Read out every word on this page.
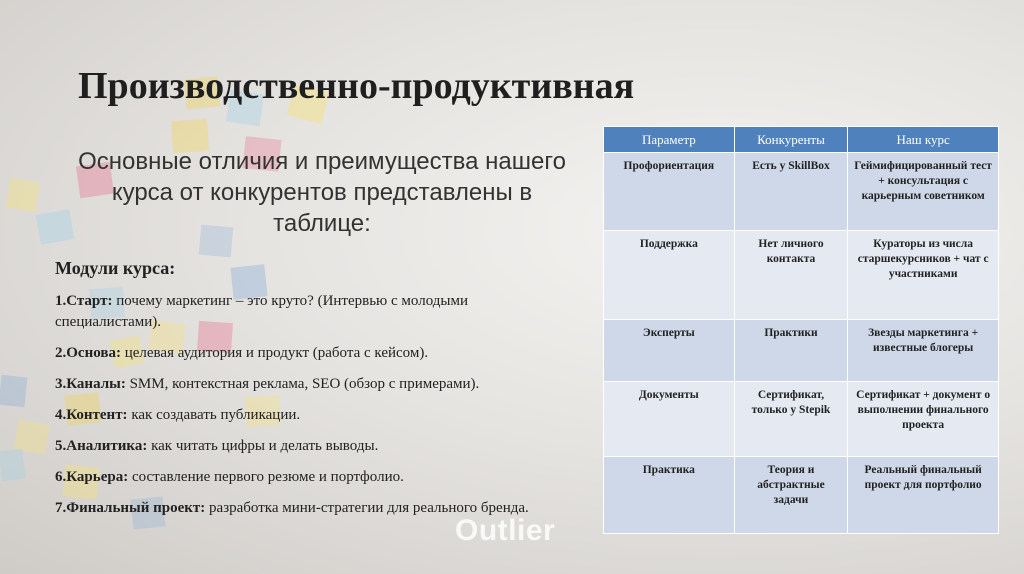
Производственно-продуктивная

Основные отличия и преимущества нашего курса от конкурентов представлены в таблице:

Модули курса:
1.Старт: почему маркетинг – это круто? (Интервью с молодыми специалистами).
2.Основа: целевая аудитория и продукт (работа с кейсом).
3.Каналы: SMM, контекстная реклама, SEO (обзор с примерами).
4.Контент: как создавать публикации.
5.Аналитика: как читать цифры и делать выводы.
6.Карьера: составление первого резюме и портфолио.
7.Финальный проект: разработка мини-стратегии для реального бренда.
Outlier
Параметр	Конкуренты	Наш курс
Профориентация	Есть у SkillBox	Геймифицированный тест + консультация с карьерным советником
Поддержка	Нет личного контакта	Кураторы из числа старшекурсников + чат с участниками
Эксперты	Практики	Звезды маркетинга + известные блогеры
Документы	Сертификат, только у Stepik	Сертификат + документ о выполнении финального проекта
Практика	Теория и абстрактные задачи	Реальный финальный проект для портфолио
